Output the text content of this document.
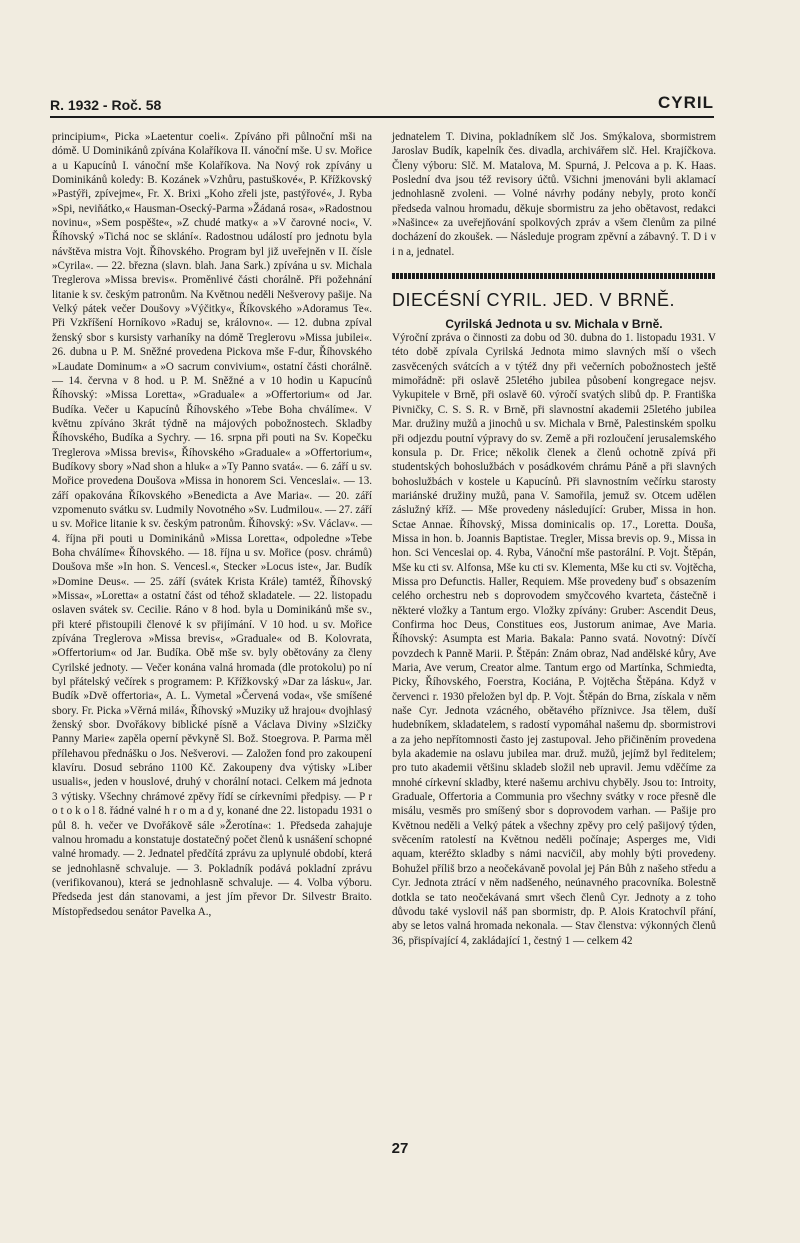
R. 1932 - Roč. 58	CYRIL

principium«, Picka »Laetentur coeli«. Zpíváno při půlnoční mši na dómě. U Dominikánů zpívána Kolaříkova II. vánoční mše. U sv. Mořice a u Kapucínů I. vánoční mše Kolaříkova. Na Nový rok zpívány u Dominikánů koledy: B. Kozánek »Vzhůru, pastuškové«, P. Křížkovský »Pastýři, zpívejme«, Fr. X. Brixi „Koho zřeli jste, pastýřové«, J. Ryba »Spi, neviňátko,« Hausman-Osecký-Parma »Žádaná rosa«, »Radostnou novinu«, »Sem pospěšte«, »Z chudé matky« a »V čarovné noci«, V. Říhovský »Tichá noc se sklání«. Radostnou událostí pro jednotu byla návštěva mistra Vojt. Říhovského. Program byl již uveřejněn v II. čísle »Cyrila«. — 22. března (slavn. blah. Jana Sark.) zpívána u sv. Michala Treglerova »Missa brevis«. Proměnlivé části chorálně. Při požehnání litanie k sv. českým patronům. Na Květnou neděli Nešverovy pašije. Na Velký pátek večer Doušovy »Výčitky«, Říkovského »Adoramus Te«. Při Vzkříšení Horníkovo »Raduj se, královno«. — 12. dubna zpíval ženský sbor s kursisty varhaníky na dómě Treglerovu »Missa jubilei«. 26. dubna u P. M. Sněžné provedena Pickova mše F-dur, Říhovského »Laudate Dominum« a »O sacrum convivium«, ostatní části chorálně. — 14. června v 8 hod. u P. M. Sněžné a v 10 hodin u Kapucínů Říhovský: »Missa Loretta«, »Graduale« a »Offertorium« od Jar. Budíka. Večer u Kapucínů Říhovského »Tebe Boha chválíme«. V květnu zpíváno 3krát týdně na májových pobožnostech. Skladby Říhovského, Budíka a Sychry. — 16. srpna při pouti na Sv. Kopečku Treglerova »Missa brevis«, Říhovského »Graduale« a »Offertorium«, Budíkovy sbory »Nad shon a hluk« a »Ty Panno svatá«. — 6. září u sv. Mořice provedena Doušova »Missa in honorem Sci. Venceslai«. — 13. září opakována Říkovského »Benedicta a Ave Maria«. — 20. září vzpomenuto svátku sv. Ludmily Novotného »Sv. Ludmilou«. — 27. září u sv. Mořice litanie k sv. českým patronům. Říhovský: »Sv. Václav«. — 4. října při pouti u Dominikánů »Missa Loretta«, odpoledne »Tebe Boha chválíme« Říhovského. — 18. října u sv. Mořice (posv. chrámů) Doušova mše »In hon. S. Vencesl.«, Stecker »Locus iste«, Jar. Budík »Domine Deus«. — 25. září (svátek Krista Krále) tamtéž, Říhovský »Missa«, »Loretta« a ostatní část od téhož skladatele. — 22. listopadu oslaven svátek sv. Cecilie. Ráno v 8 hod. byla u Dominikánů mše sv., při které přistoupili členové k sv přijímání. V 10 hod. u sv. Mořice zpívána Treglerova »Missa brevis«, »Graduale« od B. Kolovrata, »Offertorium« od Jar. Budíka. Obě mše sv. byly obětovány za členy Cyrilské jednoty. — Večer konána valná hromada (dle protokolu) po ní byl přátelský večírek s programem: P. Křížkovský »Dar za lásku«, Jar. Budík »Dvě offertoria«, A. L. Vymetal »Červená voda«, vše smíšené sbory. Fr. Picka »Věrná milá«, Říhovský »Muziky už hrajou« dvojhlasý ženský sbor. Dvořákovy biblické písně a Václava Diviny »Slzičky Panny Marie« zapěla operní pěvkyně Sl. Bož. Stoegrova. P. Parma měl přílehavou přednášku o Jos. Nešverovi. — Založen fond pro zakoupení klavíru. Dosud sebráno 1100 Kč. Zakoupeny dva výtisky »Liber usualis«, jeden v houslové, druhý v chorální notaci. Celkem má jednota 3 výtisky. Všechny chrámové zpěvy řídí se církevními předpisy. — P r o t o k o l 8. řádné valné h r o m a d y, konané dne 22. listopadu 1931 o půl 8. h. večer ve Dvořákově sále »Žerotína«: 1. Předseda zahajuje valnou hromadu a konstatuje dostatečný počet členů k usnášení schopné valné hromady. — 2. Jednatel předčítá zprávu za uplynulé období, která se jednohlasně schvaluje. — 3. Pokladník podává pokladní zprávu (verifikovanou), která se jednohlasně schvaluje. — 4. Volba výboru. Předseda jest dán stanovami, a jest jím převor Dr. Silvestr Braito. Místopředsedou senátor Pavelka A.,

jednatelem T. Divina, pokladníkem slč Jos. Smýkalova, sbormistrem Jaroslav Budík, kapelník čes. divadla, archivářem slč. Hel. Krajíčkova. Členy výboru: Slč. M. Matalova, M. Spurná, J. Pelcova a p. K. Haas. Poslední dva jsou též revisory účtů. Všichni jmenováni byli aklamací jednohlasně zvoleni. — Volné návrhy podány nebyly, proto končí předseda valnou hromadu, děkuje sbormistru za jeho obětavost, redakci »Našince« za uveřejňování spolkových zpráv a všem členům za pilné docházení do zkoušek. — Následuje program zpěvní a zábavný. T. D i v i n a, jednatel.

DIECÉSNÍ CYRIL. JED. V BRNĚ.

Cyrilská Jednota u sv. Michala v Brně.

Výroční zpráva o činnosti za dobu od 30. dubna do 1. listopadu 1931. V této době zpívala Cyrilská Jednota mimo slavných mší o všech zasvěcených svátcích a v týtéž dny při večerních pobožnostech ještě mimořádně: při oslavě 25letého jubilea působení kongregace nejsv. Vykupitele v Brně, při oslavě 60. výročí svatých slibů dp. P. Františka Pivničky, C. S. S. R. v Brně, při slavnostní akademii 25letého jubilea Mar. družiny mužů a jinochů u sv. Michala v Brně, Palestinském spolku při odjezdu poutní výpravy do sv. Země a při rozloučení jerusalemského konsula p. Dr. Frice; několik členek a členů ochotně zpívá při studentských bohoslužbách v posádkovém chrámu Páně a při slavných bohoslužbách v kostele u Kapucínů. Při slavnostním večírku starosty mariánské družiny mužů, pana V. Samořila, jemuž sv. Otcem udělen záslužný kříž. — Mše provedeny následující: Gruber, Missa in hon. Sctae Annae. Říhovský, Missa dominicalis op. 17., Loretta. Douša, Missa in hon. b. Joannis Baptistae. Tregler, Missa brevis op. 9., Missa in hon. Sci Venceslai op. 4. Ryba, Vánoční mše pastorální. P. Vojt. Štěpán, Mše ku cti sv. Alfonsa, Mše ku cti sv. Klementa, Mše ku cti sv. Vojtěcha, Missa pro Defunctis. Haller, Requiem. Mše provedeny buď s obsazením celého orchestru neb s doprovodem smyčcového kvarteta, částečně i některé vložky a Tantum ergo. Vložky zpívány: Gruber: Ascendit Deus, Confirma hoc Deus, Constitues eos, Justorum animae, Ave Maria. Říhovský: Asumpta est Maria. Bakala: Panno svatá. Novotný: Dívčí povzdech k Panně Marii. P. Štěpán: Znám obraz, Nad andělské kůry, Ave Maria, Ave verum, Creator alme. Tantum ergo od Martínka, Schmiedta, Picky, Říhovského, Foerstra, Kociána, P. Vojtěcha Štěpána. Když v červenci r. 1930 přeložen byl dp. P. Vojt. Štěpán do Brna, získala v něm naše Cyr. Jednota vzácného, obětavého příznivce. Jsa tělem, duší hudebníkem, skladatelem, s radostí vypomáhal našemu dp. sbormistrovi a za jeho nepřítomnosti často jej zastupoval. Jeho přičiněním provedena byla akademie na oslavu jubilea mar. druž. mužů, jejímž byl ředitelem; pro tuto akademii většinu skladeb složil neb upravil. Jemu vděčíme za mnohé církevní skladby, které našemu archivu chyběly. Jsou to: Introity, Graduale, Offertoria a Communia pro všechny svátky v roce přesně dle misálu, vesměs pro smíšený sbor s doprovodem varhan. — Pašije pro Květnou neděli a Velký pátek a všechny zpěvy pro celý pašijový týden, svěcením ratolestí na Květnou neděli počínaje; Asperges me, Vidi aquam, kteréžto skladby s námi nacvičil, aby mohly býti provedeny. Bohužel příliš brzo a neočekávaně povolal jej Pán Bůh z našeho středu a Cyr. Jednota ztrácí v něm nadšeného, neúnavného pracovníka. Bolestně dotkla se tato neočekávaná smrt všech členů Cyr. Jednoty a z toho důvodu také vyslovil náš pan sbormistr, dp. P. Alois Kratochvíl přání, aby se letos valná hromada nekonala. — Stav členstva: výkonných členů 36, přispívající 4, zakládající 1, čestný 1 — celkem 42

27
